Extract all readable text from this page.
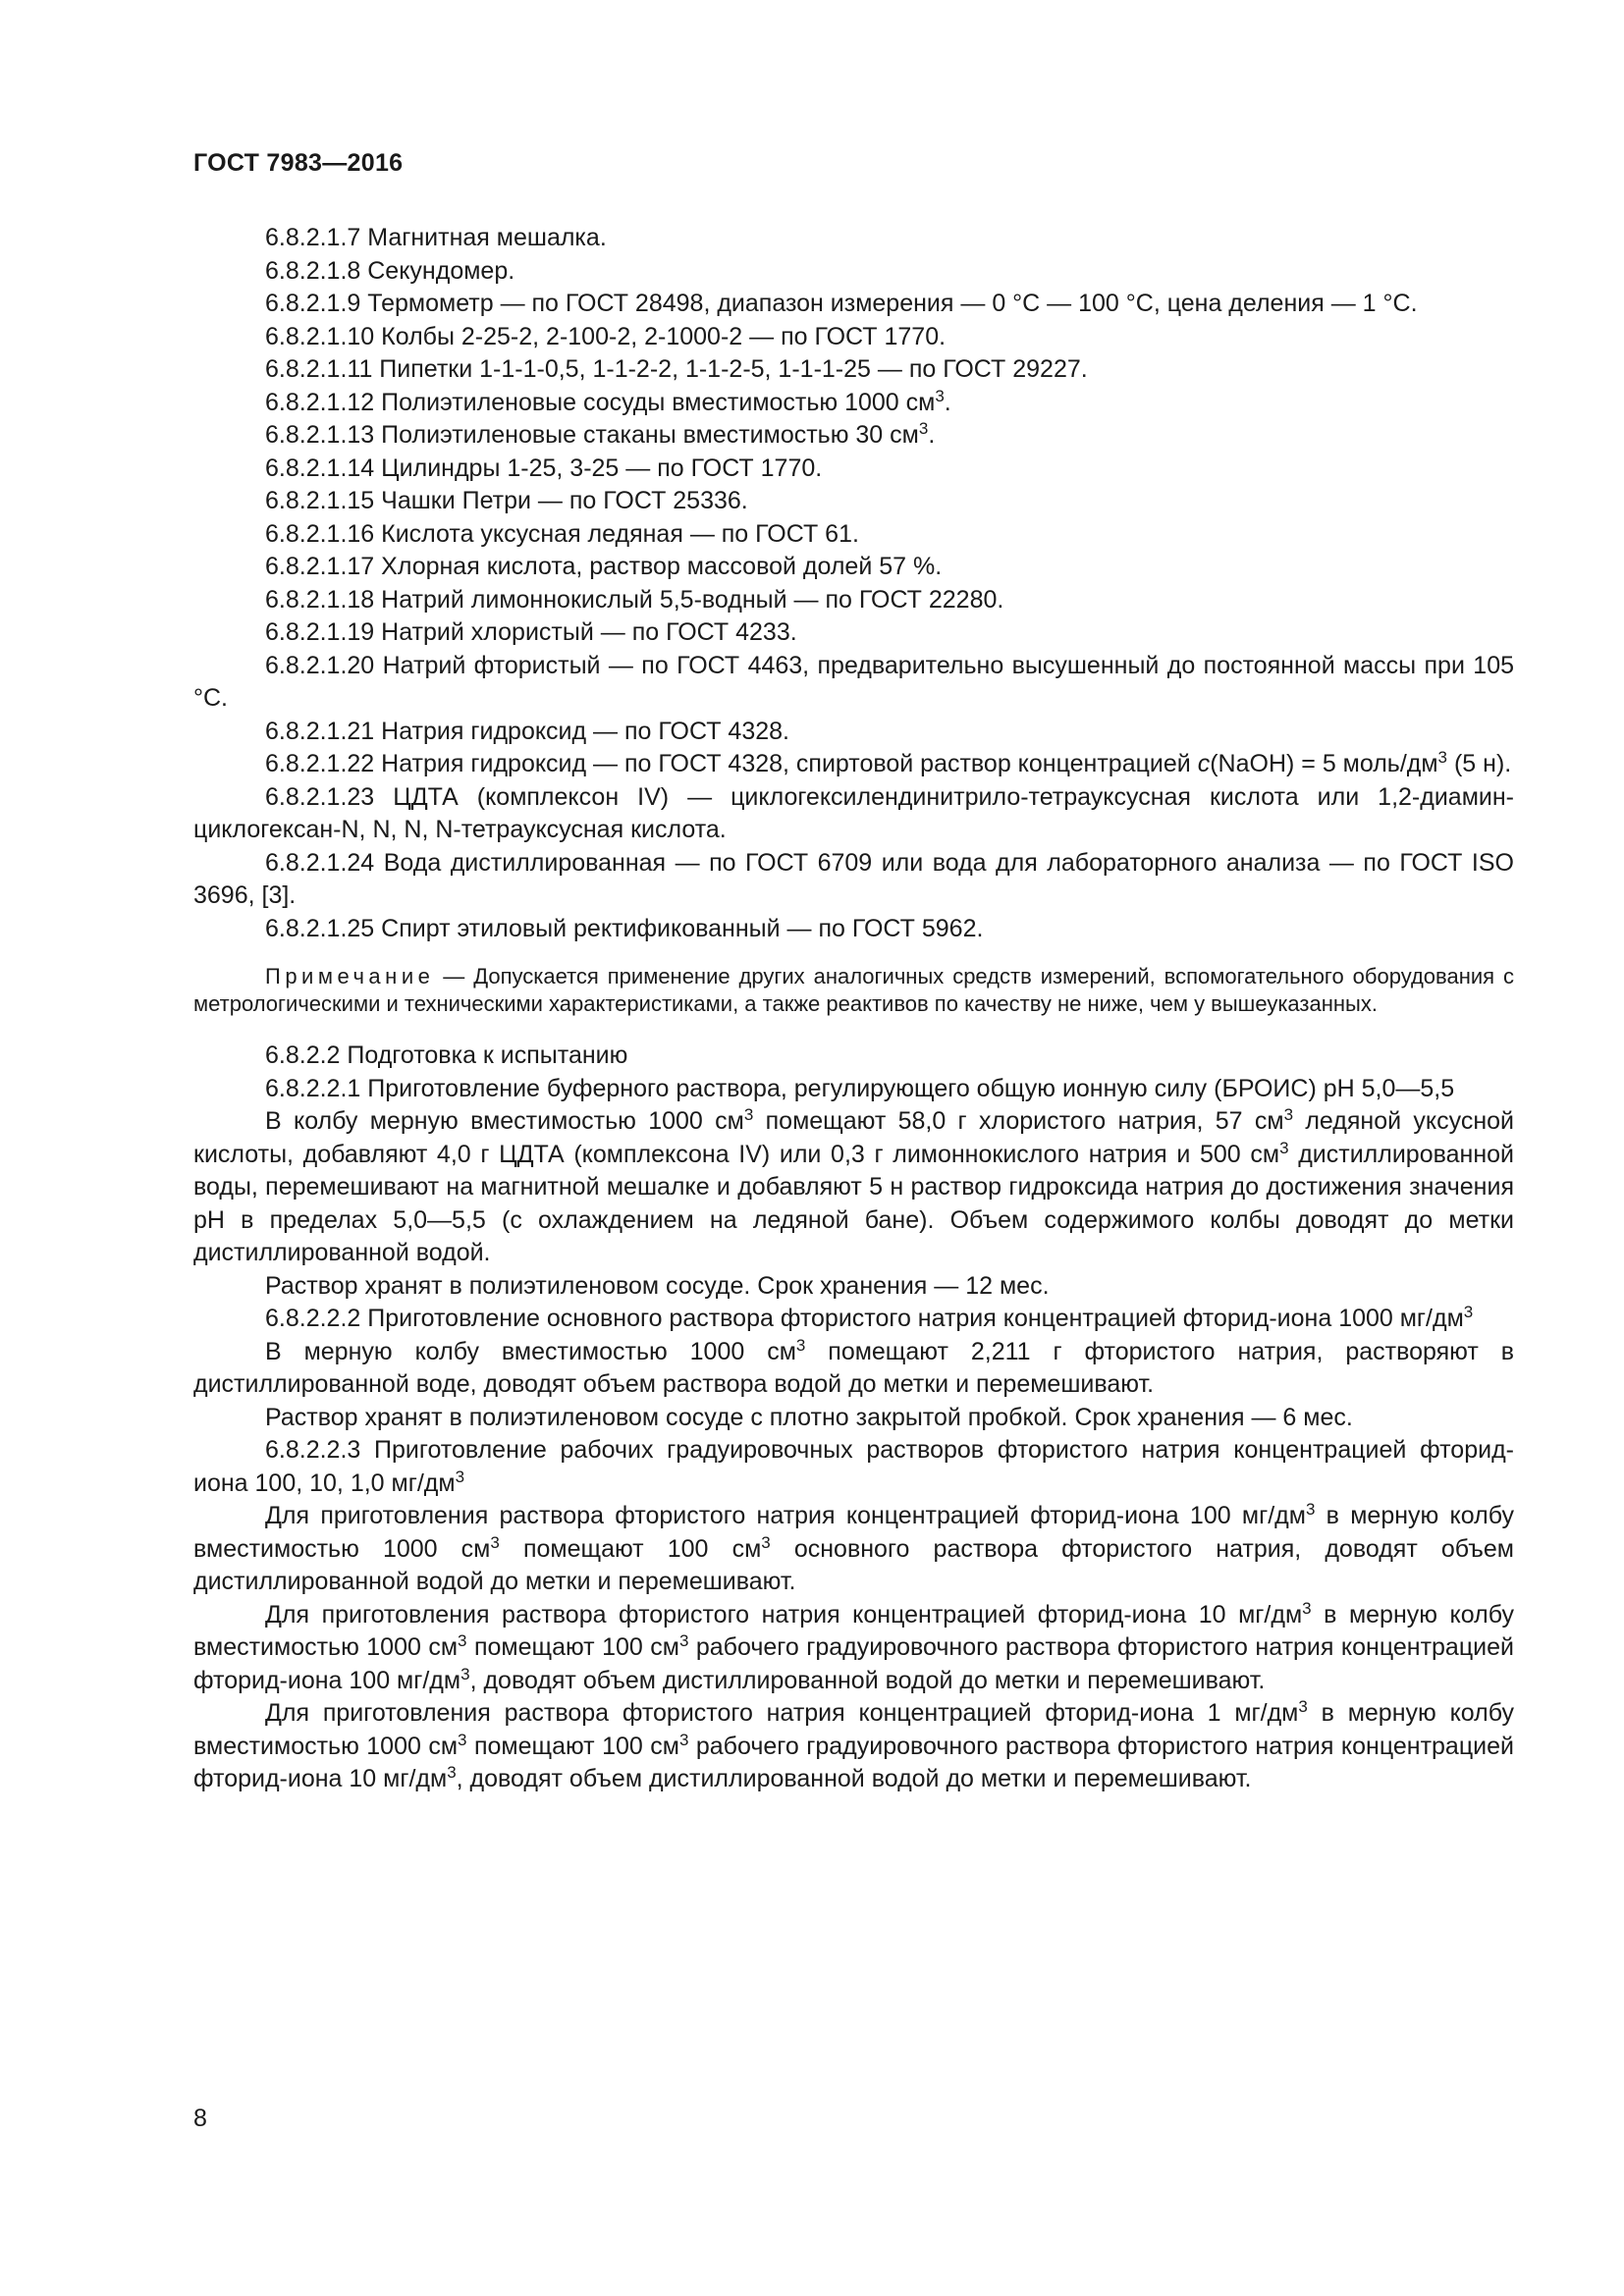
ГОСТ 7983—2016

6.8.2.1.7 Магнитная мешалка.

6.8.2.1.8 Секундомер.

6.8.2.1.9 Термометр — по ГОСТ 28498, диапазон измерения — 0 °С — 100 °С, цена деления — 1 °С.

6.8.2.1.10 Колбы 2-25-2, 2-100-2, 2-1000-2 — по ГОСТ 1770.

6.8.2.1.11 Пипетки 1-1-1-0,5, 1-1-2-2, 1-1-2-5, 1-1-1-25 — по ГОСТ 29227.

6.8.2.1.12 Полиэтиленовые сосуды вместимостью 1000 $см^3$.

6.8.2.1.13 Полиэтиленовые стаканы вместимостью 30 $см^3$.

6.8.2.1.14 Цилиндры 1-25, 3-25 — по ГОСТ 1770.

6.8.2.1.15 Чашки Петри — по ГОСТ 25336.

6.8.2.1.16 Кислота уксусная ледяная — по ГОСТ 61.

6.8.2.1.17 Хлорная кислота, раствор массовой долей 57 %.

6.8.2.1.18 Натрий лимоннокислый 5,5-водный — по ГОСТ 22280.

6.8.2.1.19 Натрий хлористый — по ГОСТ 4233.

6.8.2.1.20 Натрий фтористый — по ГОСТ 4463, предварительно высушенный до постоянной массы при 105 °С.

6.8.2.1.21 Натрия гидроксид — по ГОСТ 4328.

6.8.2.1.22 Натрия гидроксид — по ГОСТ 4328, спиртовой раствор концентрацией с(NaOH) = 5 моль/$дм^3$ (5 н).

6.8.2.1.23 ЦДТА (комплексон IV) — циклогексилендинитрило-тетрауксусная кислота или 1,2-диамин-циклогексан-N, N, N, N-тетрауксусная кислота.

6.8.2.1.24 Вода дистиллированная — по ГОСТ 6709 или вода для лабораторного анализа — по ГОСТ ISO 3696, [3].

6.8.2.1.25 Спирт этиловый ректификованный — по ГОСТ 5962.

Примечание — Допускается применение других аналогичных средств измерений, вспомогательного оборудования с метрологическими и техническими характеристиками, а также реактивов по качеству не ниже, чем у вышеуказанных.

6.8.2.2 Подготовка к испытанию

6.8.2.2.1 Приготовление буферного раствора, регулирующего общую ионную силу (БРОИС) pH 5,0—5,5

В колбу мерную вместимостью 1000 $см^3$ помещают 58,0 г хлористого натрия, 57 $см^3$ ледяной уксусной кислоты, добавляют 4,0 г ЦДТА (комплексона IV) или 0,3 г лимоннокислого натрия и 500 $см^3$ дистиллированной воды, перемешивают на магнитной мешалке и добавляют 5 н раствор гидроксида натрия до достижения значения pH в пределах 5,0—5,5 (с охлаждением на ледяной бане). Объем содержимого колбы доводят до метки дистиллированной водой.

Раствор хранят в полиэтиленовом сосуде. Срок хранения — 12 мес.

6.8.2.2.2 Приготовление основного раствора фтористого натрия концентрацией фторид-иона 1000 $мг/дм^3$

В мерную колбу вместимостью 1000 $см^3$ помещают 2,211 г фтористого натрия, растворяют в дистиллированной воде, доводят объем раствора водой до метки и перемешивают.

Раствор хранят в полиэтиленовом сосуде с плотно закрытой пробкой. Срок хранения — 6 мес.

6.8.2.2.3 Приготовление рабочих градуировочных растворов фтористого натрия концентрацией фторид-иона 100, 10, 1,0 $мг/дм^3$

Для приготовления раствора фтористого натрия концентрацией фторид-иона 100 $мг/дм^3$ в мерную колбу вместимостью 1000 $см^3$ помещают 100 $см^3$ основного раствора фтористого натрия, доводят объем дистиллированной водой до метки и перемешивают.

Для приготовления раствора фтористого натрия концентрацией фторид-иона 10 $мг/дм^3$ в мерную колбу вместимостью 1000 $см^3$ помещают 100 $см^3$ рабочего градуировочного раствора фтористого натрия концентрацией фторид-иона 100 $мг/дм^3$, доводят объем дистиллированной водой до метки и перемешивают.

Для приготовления раствора фтористого натрия концентрацией фторид-иона 1 $мг/дм^3$ в мерную колбу вместимостью 1000 $см^3$ помещают 100 $см^3$ рабочего градуировочного раствора фтористого натрия концентрацией фторид-иона 10 $мг/дм^3$, доводят объем дистиллированной водой до метки и перемешивают.

8
